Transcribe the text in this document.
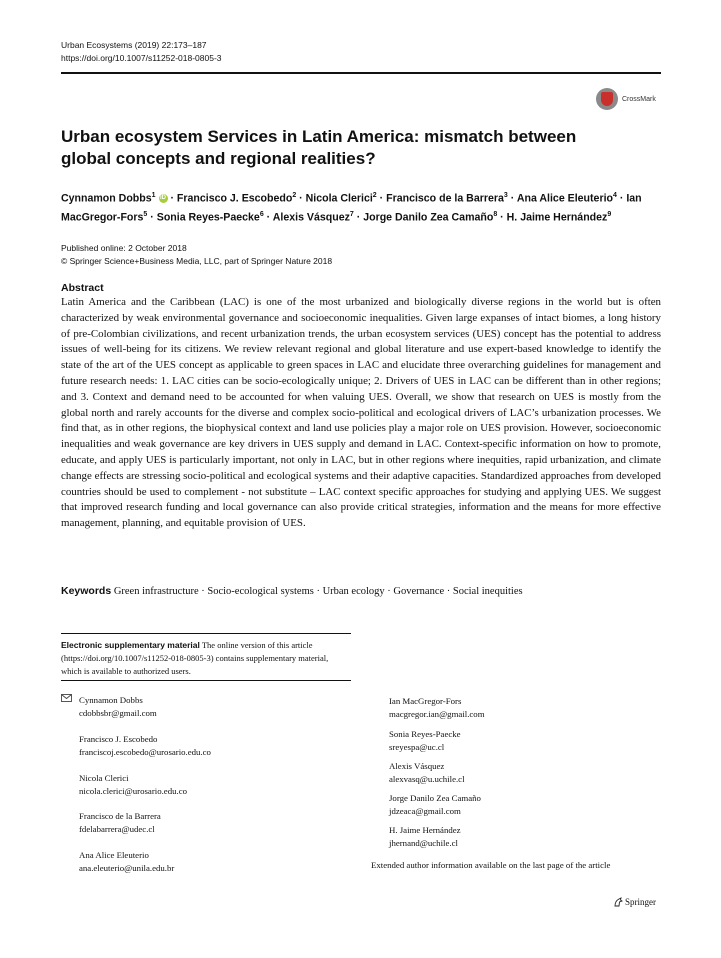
Urban Ecosystems (2019) 22:173–187
https://doi.org/10.1007/s11252-018-0805-3
CrossMark
Urban ecosystem Services in Latin America: mismatch between global concepts and regional realities?
Cynnamon Dobbs$^1$ iD · Francisco J. Escobedo$^2$ · Nicola Clerici$^2$ · Francisco de la Barrera$^3$ · Ana Alice Eleuterio$^4$ · Ian MacGregor-Fors$^5$ · Sonia Reyes-Paecke$^6$ · Alexis Vásquez$^7$ · Jorge Danilo Zea Camaño$^8$ · H. Jaime Hernández$^9$
Published online: 2 October 2018
© Springer Science+Business Media, LLC, part of Springer Nature 2018
Abstract
Latin America and the Caribbean (LAC) is one of the most urbanized and biologically diverse regions in the world but is often characterized by weak environmental governance and socioeconomic inequalities. Given large expanses of intact biomes, a long history of pre-Colombian civilizations, and recent urbanization trends, the urban ecosystem services (UES) concept has the potential to address issues of well-being for its citizens. We review relevant regional and global literature and use expert-based knowledge to identify the state of the art of the UES concept as applicable to green spaces in LAC and elucidate three overarching guidelines for management and future research needs: 1. LAC cities can be socio-ecologically unique; 2. Drivers of UES in LAC can be different than in other regions; and 3. Context and demand need to be accounted for when valuing UES. Overall, we show that research on UES is mostly from the global north and rarely accounts for the diverse and complex socio-political and ecological drivers of LAC’s urbanization processes. We find that, as in other regions, the biophysical context and land use policies play a major role on UES provision. However, socioeconomic inequalities and weak governance are key drivers in UES supply and demand in LAC. Context-specific information on how to promote, educate, and apply UES is particularly important, not only in LAC, but in other regions where inequities, rapid urbanization, and climate change effects are stressing socio-political and ecological systems and their adaptive capacities. Standardized approaches from developed countries should be used to complement - not substitute – LAC context specific approaches for studying and applying UES. We suggest that improved research funding and local governance can also provide critical strategies, information and the means for more effective management, planning, and equitable provision of UES.
Keywords Green infrastructure · Socio-ecological systems · Urban ecology · Governance · Social inequities
Electronic supplementary material The online version of this article (https://doi.org/10.1007/s11252-018-0805-3) contains supplementary material, which is available to authorized users.
Cynnamon Dobbs
cdobbsbr@gmail.com
Francisco J. Escobedo
franciscoj.escobedo@urosario.edu.co
Nicola Clerici
nicola.clerici@urosario.edu.co
Francisco de la Barrera
fdelabarrera@udec.cl
Ana Alice Eleuterio
ana.eleuterio@unila.edu.br
Ian MacGregor-Fors
macgregor.ian@gmail.com
Sonia Reyes-Paecke
sreyespa@uc.cl
Alexis Vásquez
alexvasq@u.uchile.cl
Jorge Danilo Zea Camaño
jdzeaca@gmail.com
H. Jaime Hernández
jhernand@uchile.cl
Extended author information available on the last page of the article
Springer
